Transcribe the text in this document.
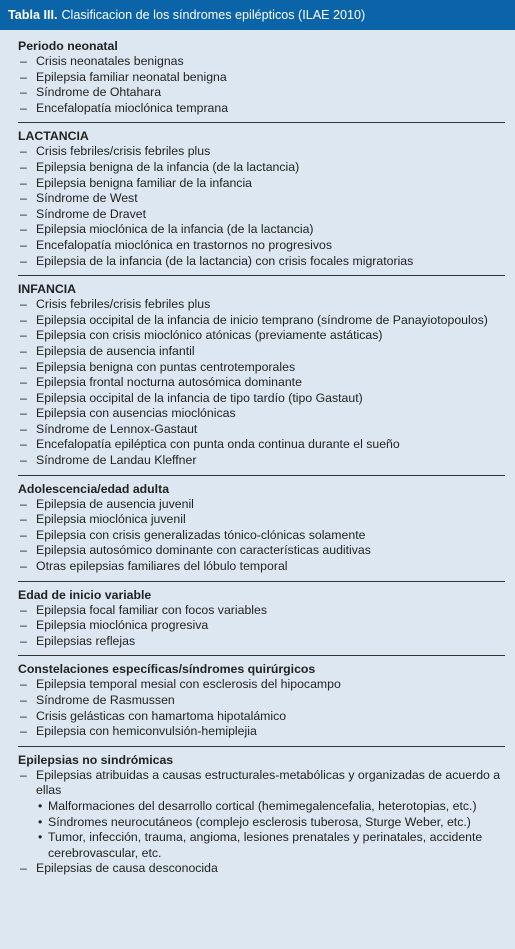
Tabla III. Clasificacion de los síndromes epilépticos (ILAE 2010)
Periodo neonatal
– Crisis neonatales benignas
– Epilepsia familiar neonatal benigna
– Síndrome de Ohtahara
– Encefalopatía mioclónica temprana
LACTANCIA
– Crisis febriles/crisis febriles plus
– Epilepsia benigna de la infancia (de la lactancia)
– Epilepsia benigna familiar de la infancia
– Síndrome de West
– Síndrome de Dravet
– Epilepsia mioclónica de la infancia (de la lactancia)
– Encefalopatía mioclónica en trastornos no progresivos
– Epilepsia de la infancia (de la lactancia) con crisis focales migratorias
INFANCIA
– Crisis febriles/crisis febriles plus
– Epilepsia occipital de la infancia de inicio temprano (síndrome de Panayiotopoulos)
– Epilepsia con crisis mioclónico atónicas (previamente astáticas)
– Epilepsia de ausencia infantil
– Epilepsia benigna con puntas centrotemporales
– Epilepsia frontal nocturna autosómica dominante
– Epilepsia occipital de la infancia de tipo tardío (tipo Gastaut)
– Epilepsia con ausencias mioclónicas
– Síndrome de Lennox-Gastaut
– Encefalopatía epiléptica con punta onda continua durante el sueño
– Síndrome de Landau Kleffner
Adolescencia/edad adulta
– Epilepsia de ausencia juvenil
– Epilepsia mioclónica juvenil
– Epilepsia con crisis generalizadas tónico-clónicas solamente
– Epilepsia autosómico dominante con características auditivas
– Otras epilepsias familiares del lóbulo temporal
Edad de inicio variable
– Epilepsia focal familiar con focos variables
– Epilepsia mioclónica progresiva
– Epilepsias reflejas
Constelaciones específicas/síndromes quirúrgicos
– Epilepsia temporal mesial con esclerosis del hipocampo
– Síndrome de Rasmussen
– Crisis gelásticas con hamartoma hipotalámico
– Epilepsia con hemiconvulsión-hemiplejia
Epilepsias no sindrómicas
– Epilepsias atribuidas a causas estructurales-metabólicas y organizadas de acuerdo a ellas
• Malformaciones del desarrollo cortical (hemimegalencefalia, heterotopias, etc.)
• Síndromes neurocutáneos (complejo esclerosis tuberosa, Sturge Weber, etc.)
• Tumor, infección, trauma, angioma, lesiones prenatales y perinatales, accidente cerebrovascular, etc.
– Epilepsias de causa desconocida
